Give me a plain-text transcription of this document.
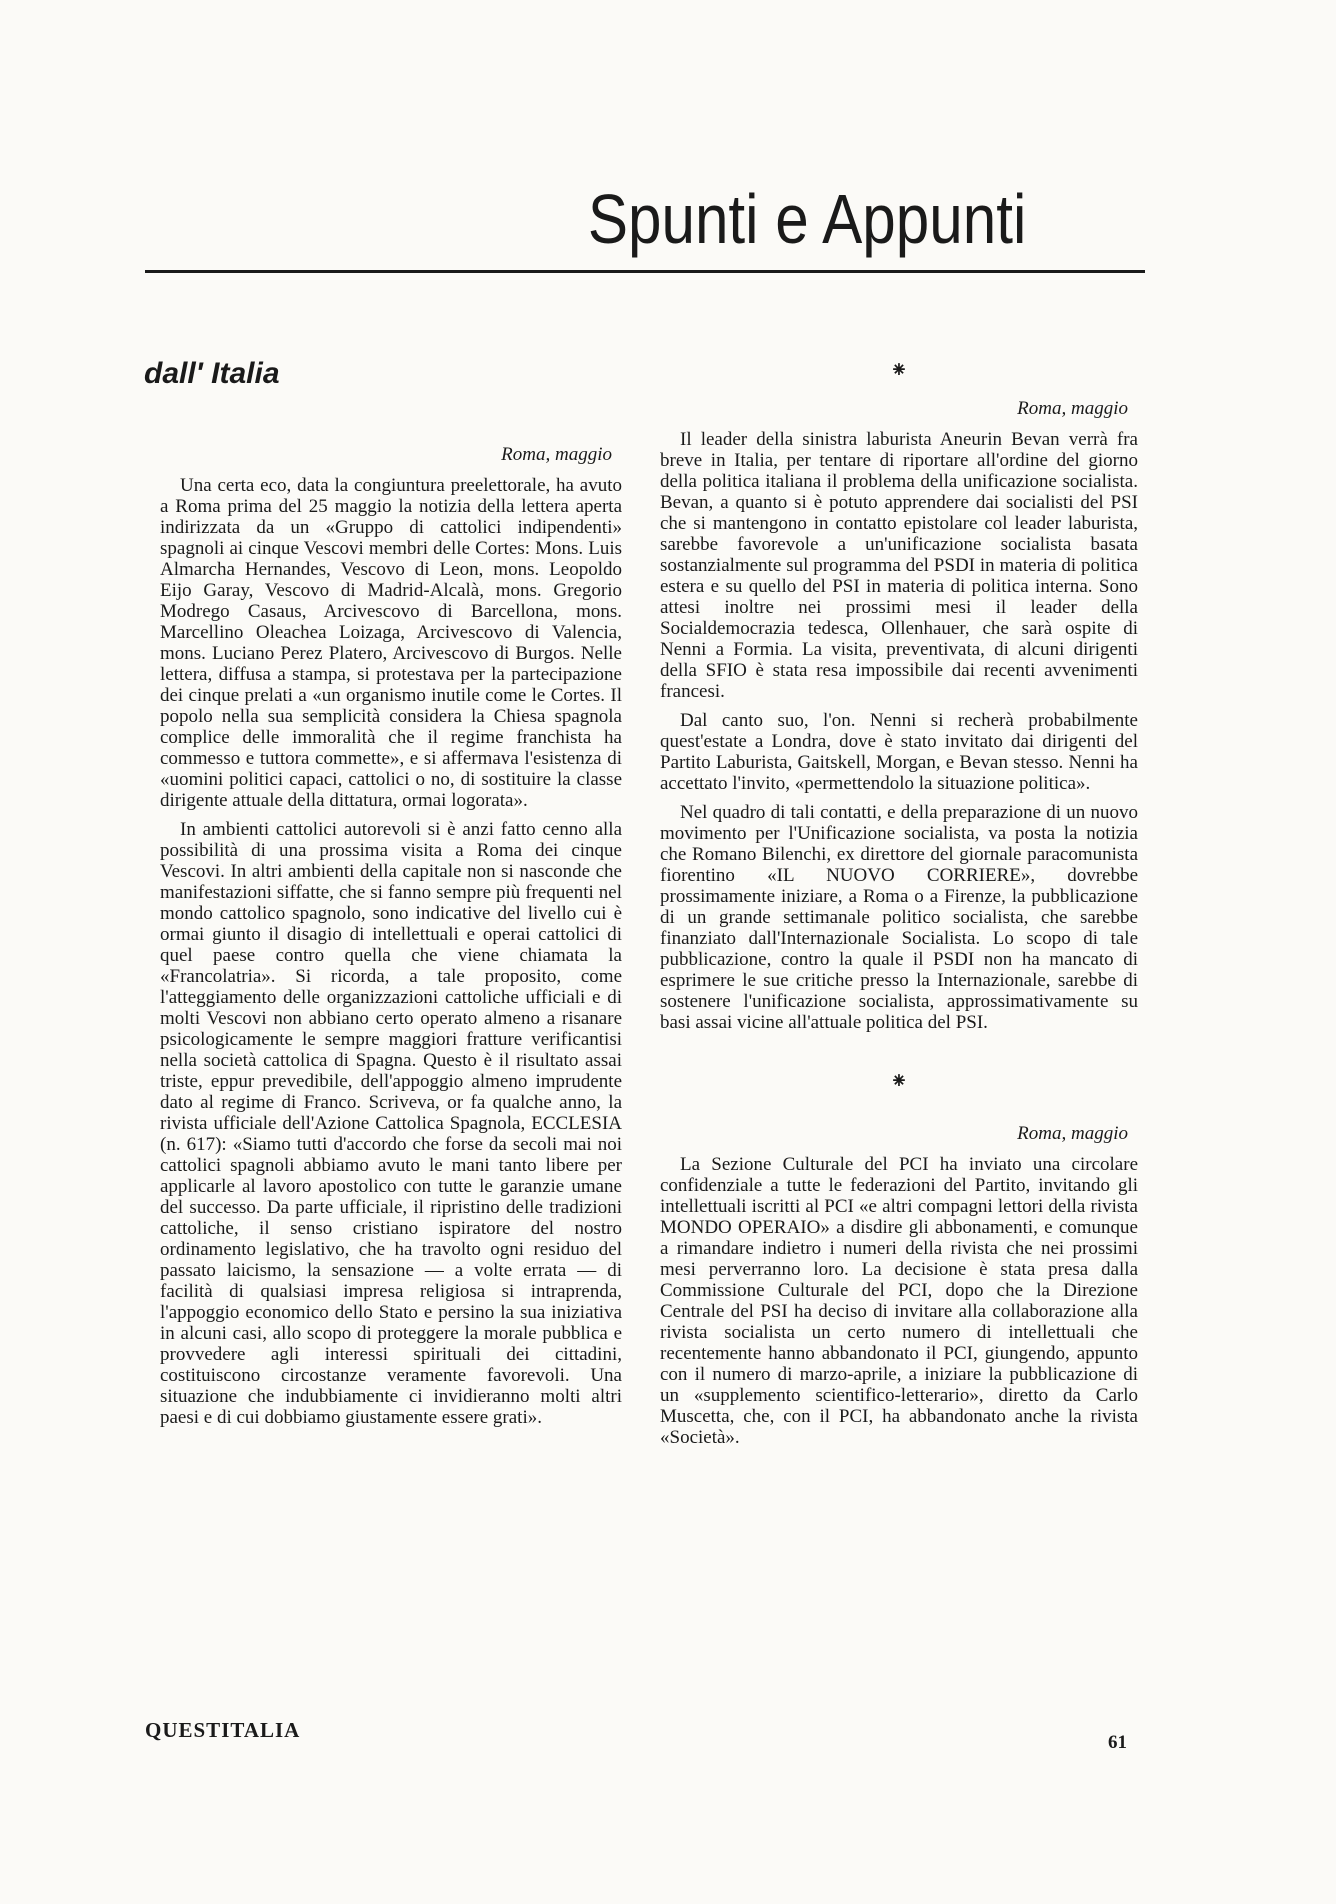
Spunti e Appunti
dall' Italia
Roma, maggio

Una certa eco, data la congiuntura preelettorale, ha avuto a Roma prima del 25 maggio la notizia della lettera aperta indirizzata da un «Gruppo di cattolici indipendenti» spagnoli ai cinque Vescovi membri delle Cortes: Mons. Luis Almarcha Hernandes, Vescovo di Leon, mons. Leopoldo Eijo Garay, Vescovo di Madrid-Alcalà, mons. Gregorio Modrego Casaus, Arcivescovo di Barcellona, mons. Marcellino Oleachea Loizaga, Arcivescovo di Valencia, mons. Luciano Perez Platero, Arcivescovo di Burgos. Nelle lettera, diffusa a stampa, si protestava per la partecipazione dei cinque prelati a «un organismo inutile come le Cortes. Il popolo nella sua semplicità considera la Chiesa spagnola complice delle immoralità che il regime franchista ha commesso e tuttora commette», e si affermava l'esistenza di «uomini politici capaci, cattolici o no, di sostituire la classe dirigente attuale della dittatura, ormai logorata».

In ambienti cattolici autorevoli si è anzi fatto cenno alla possibilità di una prossima visita a Roma dei cinque Vescovi. In altri ambienti della capitale non si nasconde che manifestazioni siffatte, che si fanno sempre più frequenti nel mondo cattolico spagnolo, sono indicative del livello cui è ormai giunto il disagio di intellettuali e operai cattolici di quel paese contro quella che viene chiamata la «Francolatria». Si ricorda, a tale proposito, come l'atteggiamento delle organizzazioni cattoliche ufficiali e di molti Vescovi non abbiano certo operato almeno a risanare psicologicamente le sempre maggiori fratture verificantisi nella società cattolica di Spagna. Questo è il risultato assai triste, eppur prevedibile, dell'appoggio almeno imprudente dato al regime di Franco. Scriveva, or fa qualche anno, la rivista ufficiale dell'Azione Cattolica Spagnola, ECCLESIA (n. 617): «Siamo tutti d'accordo che forse da secoli mai noi cattolici spagnoli abbiamo avuto le mani tanto libere per applicarle al lavoro apostolico con tutte le garanzie umane del successo. Da parte ufficiale, il ripristino delle tradizioni cattoliche, il senso cristiano ispiratore del nostro ordinamento legislativo, che ha travolto ogni residuo del passato laicismo, la sensazione — a volte errata — di facilità di qualsiasi impresa religiosa si intraprenda, l'appoggio economico dello Stato e persino la sua iniziativa in alcuni casi, allo scopo di proteggere la morale pubblica e provvedere agli interessi spirituali dei cittadini, costituiscono circostanze veramente favorevoli. Una situazione che indubbiamente ci invidieranno molti altri paesi e di cui dobbiamo giustamente essere grati».

⁕
Roma, maggio

Il leader della sinistra laburista Aneurin Bevan verrà fra breve in Italia, per tentare di riportare all'ordine del giorno della politica italiana il problema della unificazione socialista. Bevan, a quanto si è potuto apprendere dai socialisti del PSI che si mantengono in contatto epistolare col leader laburista, sarebbe favorevole a un'unificazione socialista basata sostanzialmente sul programma del PSDI in materia di politica estera e su quello del PSI in materia di politica interna. Sono attesi inoltre nei prossimi mesi il leader della Socialdemocrazia tedesca, Ollenhauer, che sarà ospite di Nenni a Formia. La visita, preventivata, di alcuni dirigenti della SFIO è stata resa impossibile dai recenti avvenimenti francesi.

Dal canto suo, l'on. Nenni si recherà probabilmente quest'estate a Londra, dove è stato invitato dai dirigenti del Partito Laburista, Gaitskell, Morgan, e Bevan stesso. Nenni ha accettato l'invito, «permettendolo la situazione politica».

Nel quadro di tali contatti, e della preparazione di un nuovo movimento per l'Unificazione socialista, va posta la notizia che Romano Bilenchi, ex direttore del giornale paracomunista fiorentino «IL NUOVO CORRIERE», dovrebbe prossimamente iniziare, a Roma o a Firenze, la pubblicazione di un grande settimanale politico socialista, che sarebbe finanziato dall'Internazionale Socialista. Lo scopo di tale pubblicazione, contro la quale il PSDI non ha mancato di esprimere le sue critiche presso la Internazionale, sarebbe di sostenere l'unificazione socialista, approssimativamente su basi assai vicine all'attuale politica del PSI.

⁕
Roma, maggio

La Sezione Culturale del PCI ha inviato una circolare confidenziale a tutte le federazioni del Partito, invitando gli intellettuali iscritti al PCI «e altri compagni lettori della rivista MONDO OPERAIO» a disdire gli abbonamenti, e comunque a rimandare indietro i numeri della rivista che nei prossimi mesi perverranno loro. La decisione è stata presa dalla Commissione Culturale del PCI, dopo che la Direzione Centrale del PSI ha deciso di invitare alla collaborazione alla rivista socialista un certo numero di intellettuali che recentemente hanno abbandonato il PCI, giungendo, appunto con il numero di marzo-aprile, a iniziare la pubblicazione di un «supplemento scientifico-letterario», diretto da Carlo Muscetta, che, con il PCI, ha abbandonato anche la rivista «Società».

QUESTITALIA
61
